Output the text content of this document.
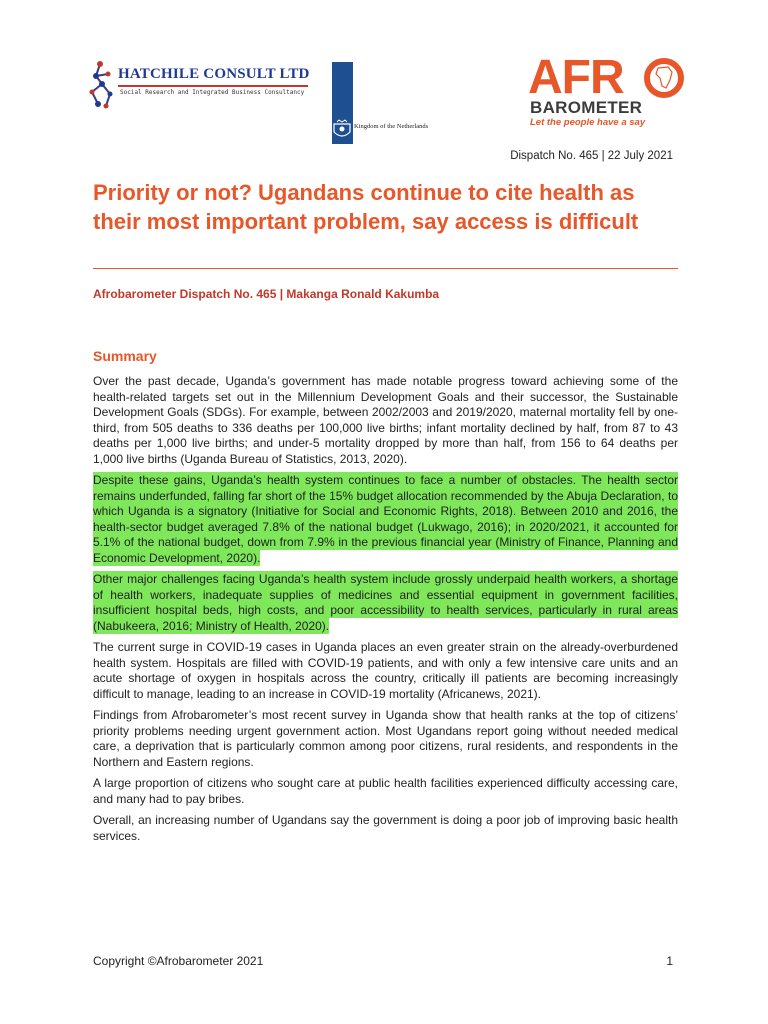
HATCHILE CONSULT LTD
Social Research and Integrated Business Consultancy
Kingdom of the Netherlands
AFR
BAROMETER
Let the people have a say
Dispatch No. 465 | 22 July 2021
Priority or not? Ugandans continue to cite health as their most important problem, say access is difficult
Afrobarometer Dispatch No. 465 | Makanga Ronald Kakumba
Summary

Over the past decade, Uganda’s government has made notable progress toward achieving some of the health-related targets set out in the Millennium Development Goals and their successor, the Sustainable Development Goals (SDGs). For example, between 2002/2003 and 2019/2020, maternal mortality fell by one-third, from 505 deaths to 336 deaths per 100,000 live births; infant mortality declined by half, from 87 to 43 deaths per 1,000 live births; and under-5 mortality dropped by more than half, from 156 to 64 deaths per 1,000 live births (Uganda Bureau of Statistics, 2013, 2020).

Despite these gains, Uganda’s health system continues to face a number of obstacles. The health sector remains underfunded, falling far short of the 15% budget allocation recommended by the Abuja Declaration, to which Uganda is a signatory (Initiative for Social and Economic Rights, 2018). Between 2010 and 2016, the health-sector budget averaged 7.8% of the national budget (Lukwago, 2016); in 2020/2021, it accounted for 5.1% of the national budget, down from 7.9% in the previous financial year (Ministry of Finance, Planning and Economic Development, 2020).

Other major challenges facing Uganda’s health system include grossly underpaid health workers, a shortage of health workers, inadequate supplies of medicines and essential equipment in government facilities, insufficient hospital beds, high costs, and poor accessibility to health services, particularly in rural areas (Nabukeera, 2016; Ministry of Health, 2020).

The current surge in COVID-19 cases in Uganda places an even greater strain on the already-overburdened health system. Hospitals are filled with COVID-19 patients, and with only a few intensive care units and an acute shortage of oxygen in hospitals across the country, critically ill patients are becoming increasingly difficult to manage, leading to an increase in COVID-19 mortality (Africanews, 2021).

Findings from Afrobarometer’s most recent survey in Uganda show that health ranks at the top of citizens’ priority problems needing urgent government action. Most Ugandans report going without needed medical care, a deprivation that is particularly common among poor citizens, rural residents, and respondents in the Northern and Eastern regions.

A large proportion of citizens who sought care at public health facilities experienced difficulty accessing care, and many had to pay bribes.

Overall, an increasing number of Ugandans say the government is doing a poor job of improving basic health services.

Copyright ©Afrobarometer 2021	1
